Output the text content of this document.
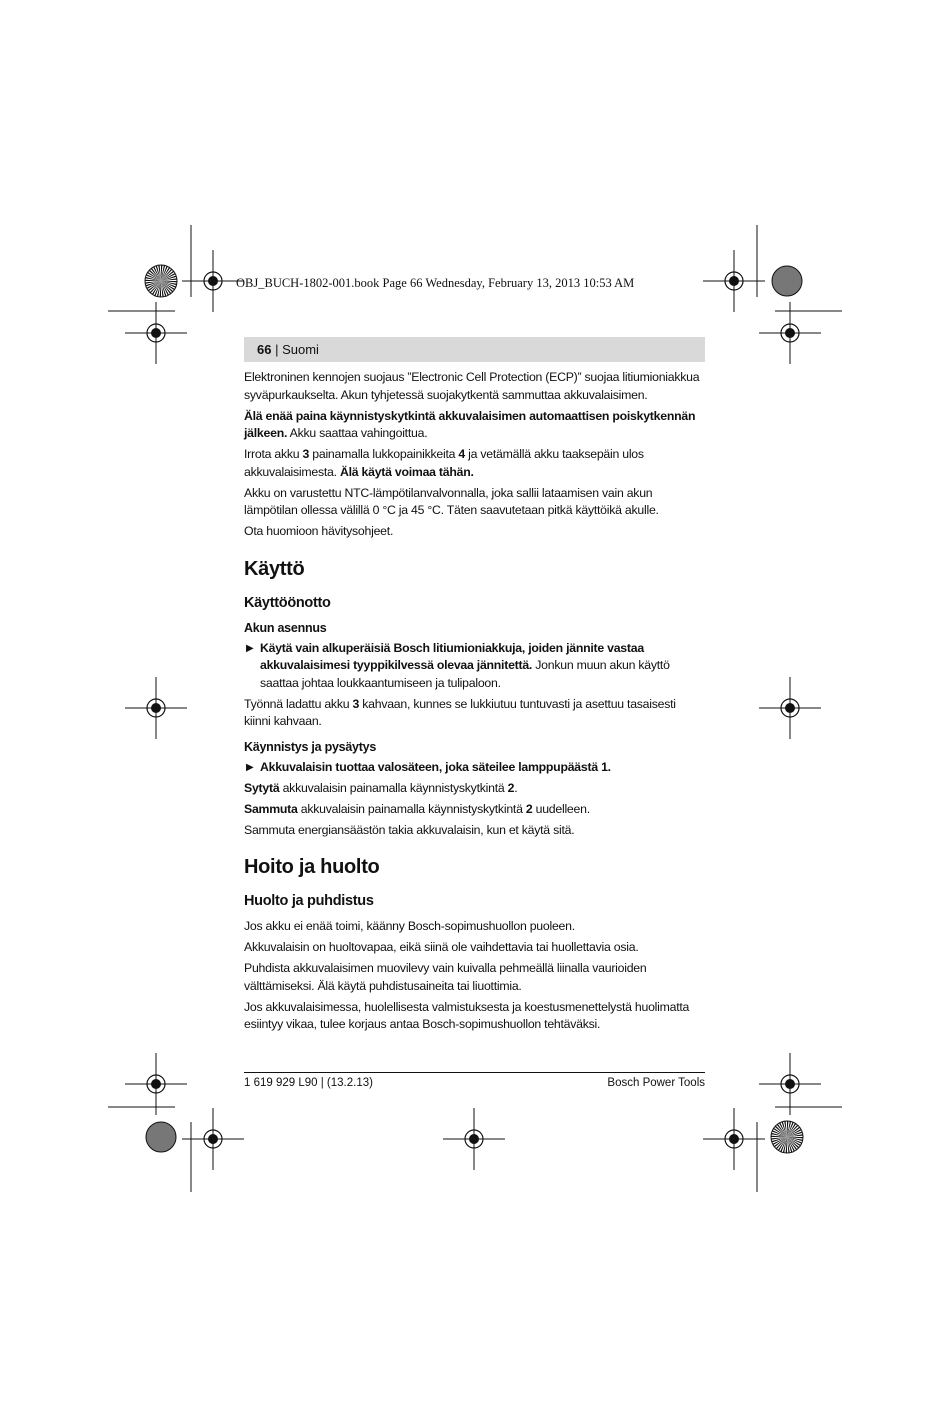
OBJ_BUCH-1802-001.book Page 66 Wednesday, February 13, 2013 10:53 AM
66 | Suomi

Elektroninen kennojen suojaus ”Electronic Cell Protection (ECP)” suojaa litiumioniakkua syväpurkaukselta. Akun tyhjetessä suojakytkentä sammuttaa akkuvalaisimen.

Älä enää paina käynnistyskytkintä akkuvalaisimen automaattisen poiskytkennän jälkeen. Akku saattaa vahingoittua.

Irrota akku 3 painamalla lukkopainikkeita 4 ja vetämällä akku taaksepäin ulos akkuvalaisimesta. Älä käytä voimaa tähän.

Akku on varustettu NTC-lämpötilanvalvonnalla, joka sallii lataamisen vain akun lämpötilan ollessa välillä 0 °C ja 45 °C. Täten saavutetaan pitkä käyttöikä akulle.

Ota huomioon hävitysohjeet.

Käyttö
Käyttöönotto
Akun asennus

▶ Käytä vain alkuperäisiä Bosch litiumioniakkuja, joiden jännite vastaa akkuvalaisimesi tyyppikilvessä olevaa jännitettä. Jonkun muun akun käyttö saattaa johtaa loukkaantumiseen ja tulipaloon.

Työnnä ladattu akku 3 kahvaan, kunnes se lukkiutuu tuntuvasti ja asettuu tasaisesti kiinni kahvaan.

Käynnistys ja pysäytys

▶ Akkuvalaisin tuottaa valosäteen, joka säteilee lamppupäästä 1.

Sytytä akkuvalaisin painamalla käynnistyskytkintä 2.

Sammuta akkuvalaisin painamalla käynnistyskytkintä 2 uudelleen.

Sammuta energiansäästön takia akkuvalaisin, kun et käytä sitä.

Hoito ja huolto
Huolto ja puhdistus

Jos akku ei enää toimi, käänny Bosch-sopimushuollon puoleen.

Akkuvalaisin on huoltovapaa, eikä siinä ole vaihdettavia tai huollettavia osia.

Puhdista akkuvalaisimen muovilevy vain kuivalla pehmeällä liinalla vaurioiden välttämiseksi. Älä käytä puhdistusaineita tai liuottimia.

Jos akkuvalaisimessa, huolellisesta valmistuksesta ja koestusmenettelystä huolimatta esiintyy vikaa, tulee korjaus antaa Bosch-sopimushuollon tehtäväksi.

1 619 929 L90 | (13.2.13)	Bosch Power Tools
